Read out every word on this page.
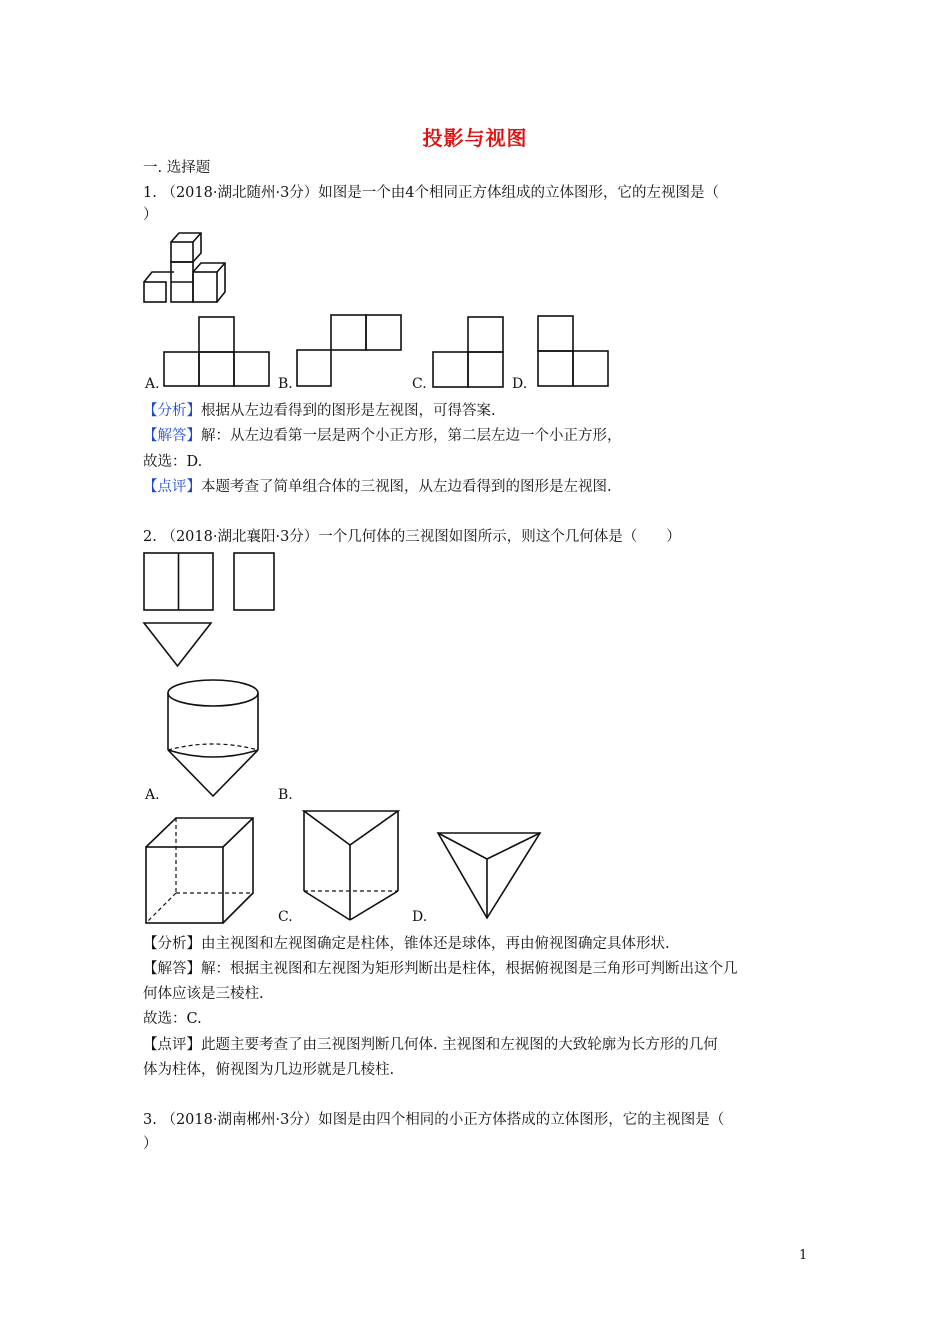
投影与视图
一. 选择题
1. （2018·湖北随州·3分）如图是一个由4个相同正方体组成的立体图形，它的左视图是（
）
A.	B.	C.	D.
【分析】根据从左边看得到的图形是左视图，可得答案.
【解答】解：从左边看第一层是两个小正方形，第二层左边一个小正方形，
故选：D.
【点评】本题考查了简单组合体的三视图，从左边看得到的图形是左视图.
2. （2018·湖北襄阳·3分）一个几何体的三视图如图所示，则这个几何体是（　　）
A.	B.
C.	D.
【分析】由主视图和左视图确定是柱体，锥体还是球体，再由俯视图确定具体形状.
【解答】解：根据主视图和左视图为矩形判断出是柱体，根据俯视图是三角形可判断出这个几
何体应该是三棱柱.
故选：C.
【点评】此题主要考查了由三视图判断几何体. 主视图和左视图的大致轮廓为长方形的几何
体为柱体，俯视图为几边形就是几棱柱.
3. （2018·湖南郴州·3分）如图是由四个相同的小正方体搭成的立体图形，它的主视图是（
）
1
